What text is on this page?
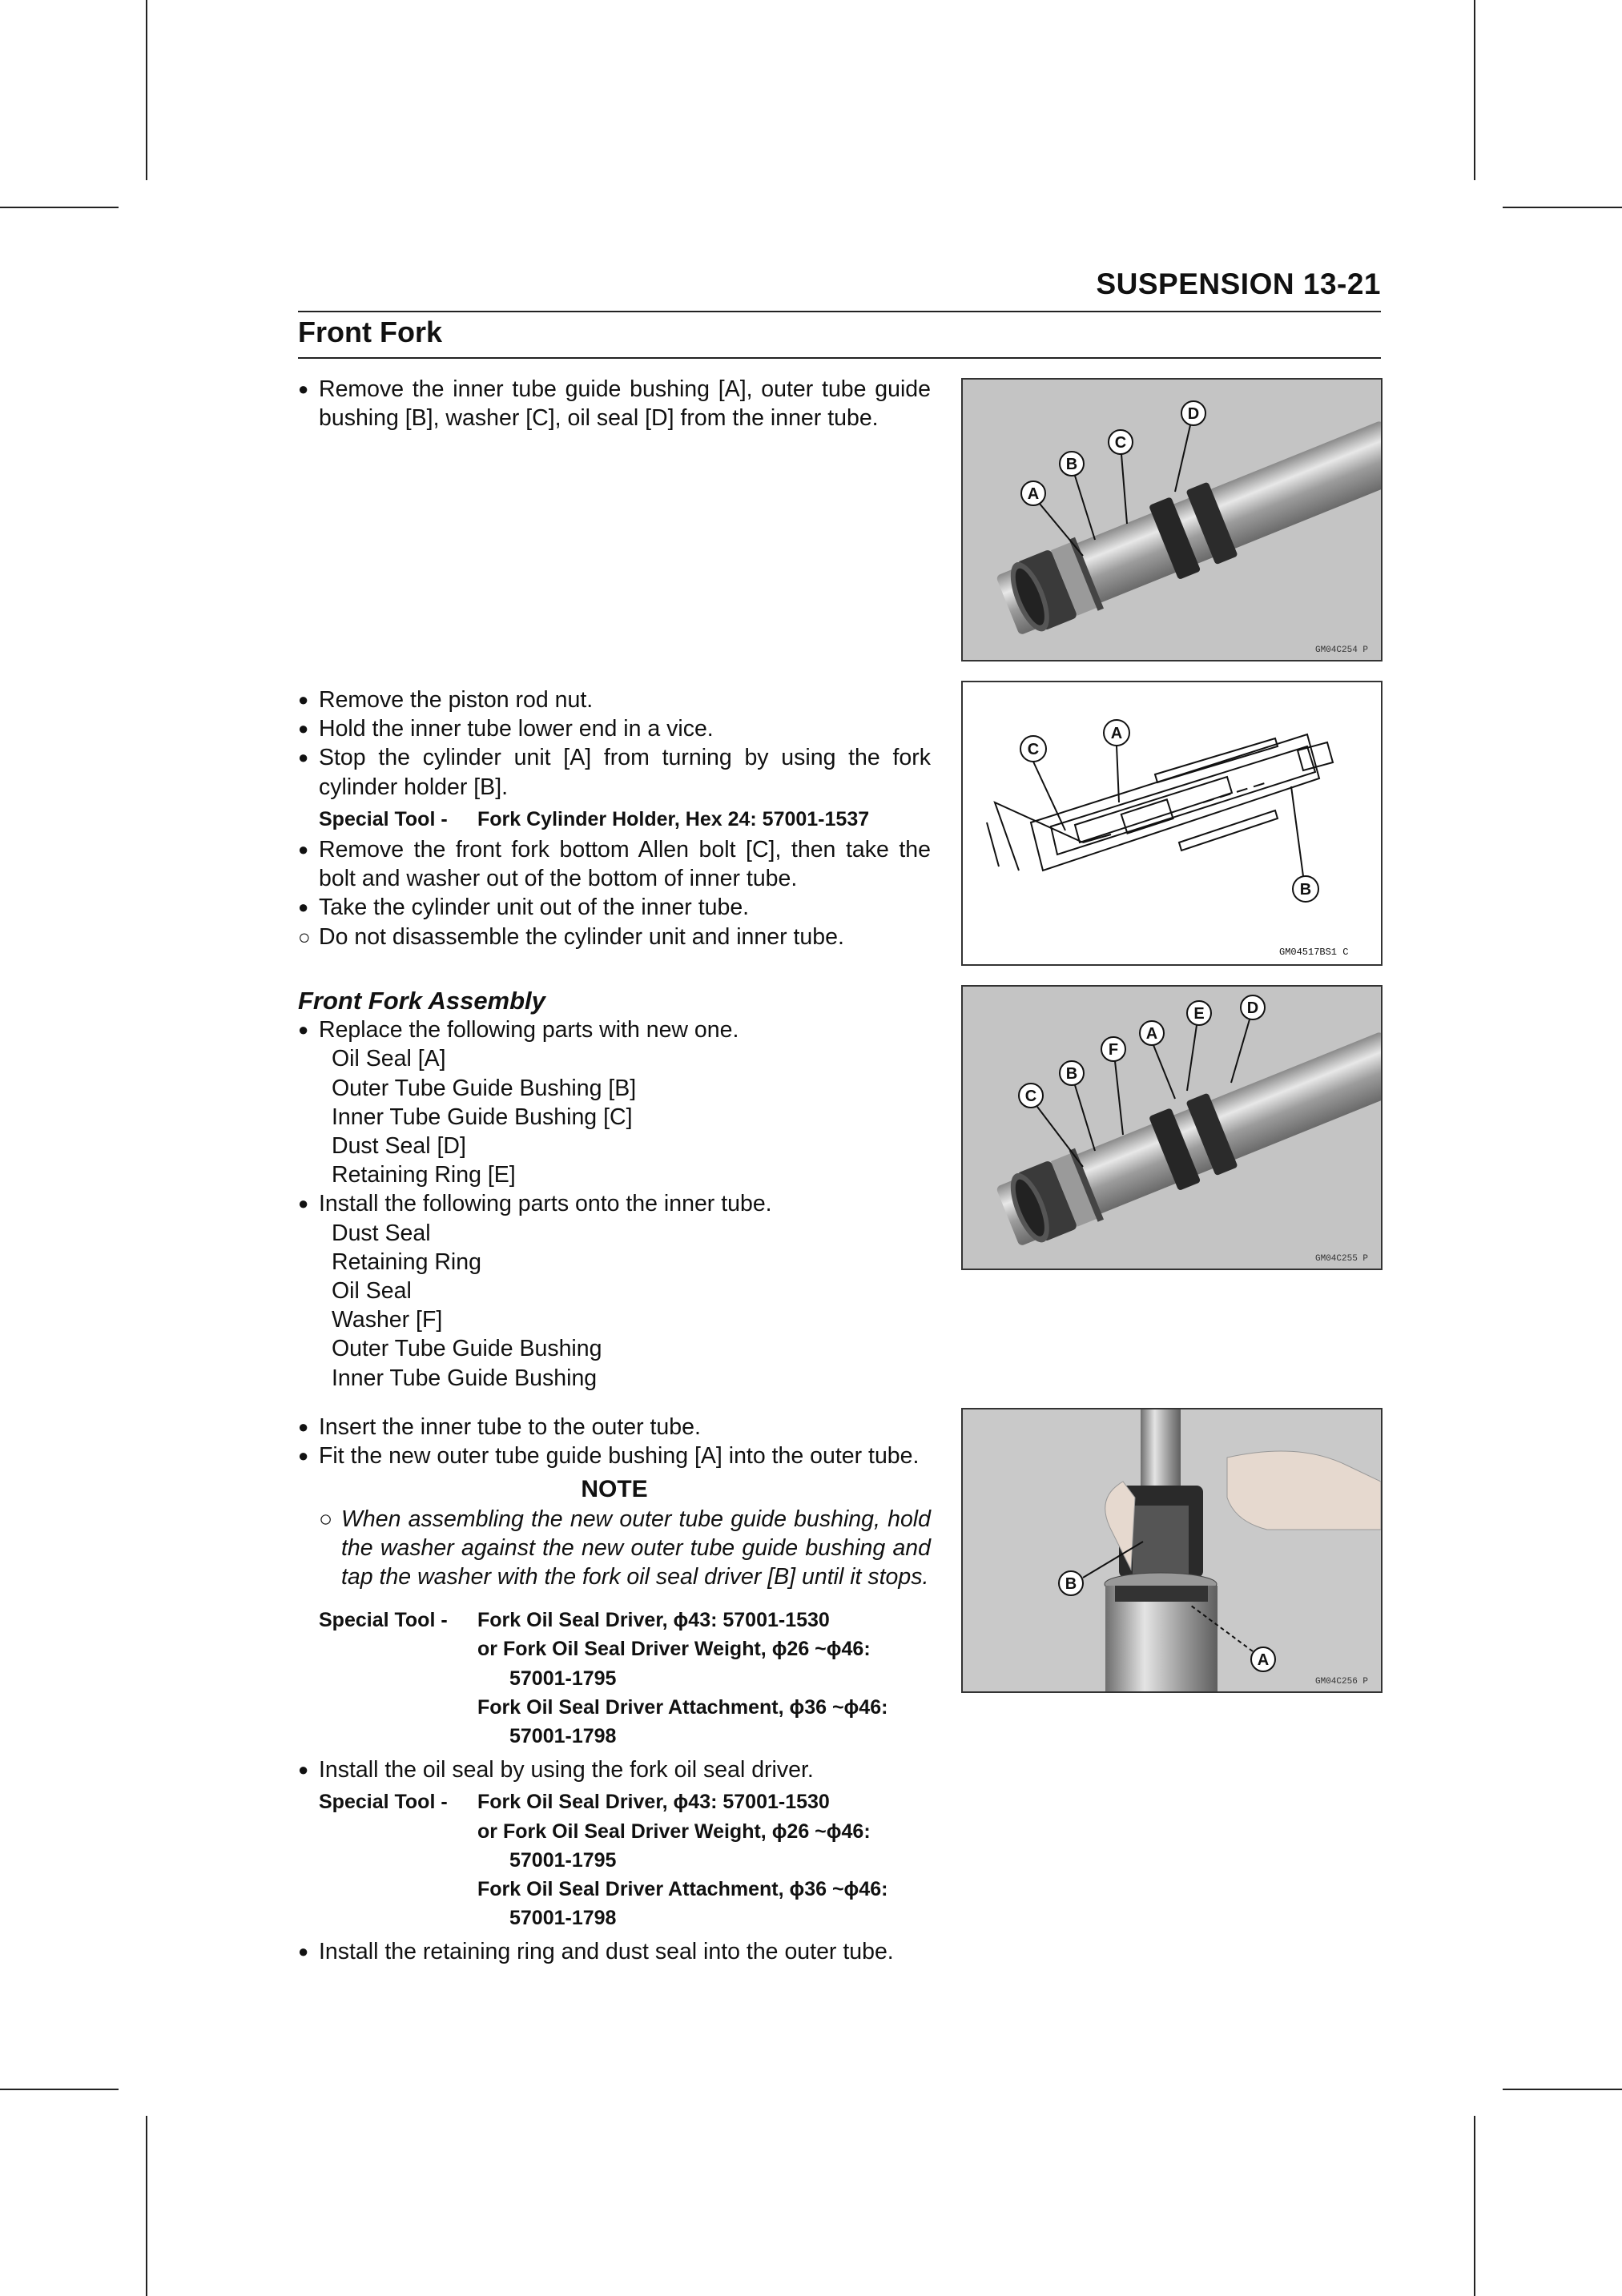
SUSPENSION 13-21
Front Fork
● Remove the inner tube guide bushing [A], outer tube guide bushing [B], washer [C], oil seal [D] from the inner tube.
● Remove the piston rod nut.
● Hold the inner tube lower end in a vice.
● Stop the cylinder unit [A] from turning by using the fork cylinder holder [B].
Special Tool -	Fork Cylinder Holder, Hex 24: 57001-1537
● Remove the front fork bottom Allen bolt [C], then take the bolt and washer out of the bottom of inner tube.
● Take the cylinder unit out of the inner tube.
○ Do not disassemble the cylinder unit and inner tube.
Front Fork Assembly
● Replace the following parts with new one.
Oil Seal [A]
Outer Tube Guide Bushing [B]
Inner Tube Guide Bushing [C]
Dust Seal [D]
Retaining Ring [E]
● Install the following parts onto the inner tube.
Dust Seal
Retaining Ring
Oil Seal
Washer [F]
Outer Tube Guide Bushing
Inner Tube Guide Bushing
● Insert the inner tube to the outer tube.
● Fit the new outer tube guide bushing [A] into the outer tube.
NOTE
○ When assembling the new outer tube guide bushing, hold the washer against the new outer tube guide bushing and tap the washer with the fork oil seal driver [B] until it stops.
Special Tool -	Fork Oil Seal Driver, ϕ43: 57001-1530
	or Fork Oil Seal Driver Weight, ϕ26 ~ϕ46:
	57001-1795
	Fork Oil Seal Driver Attachment, ϕ36 ~ϕ46:
	57001-1798
● Install the oil seal by using the fork oil seal driver.
Special Tool -	Fork Oil Seal Driver, ϕ43: 57001-1530
	or Fork Oil Seal Driver Weight, ϕ26 ~ϕ46:
	57001-1795
	Fork Oil Seal Driver Attachment, ϕ36 ~ϕ46:
	57001-1798
● Install the retaining ring and dust seal into the outer tube.
A
B
C
D
GM04C254 P
C
A
B
GM04517BS1 C
C
B
F
A
E	D
GM04C255 P
B
A
GM04C256 P
